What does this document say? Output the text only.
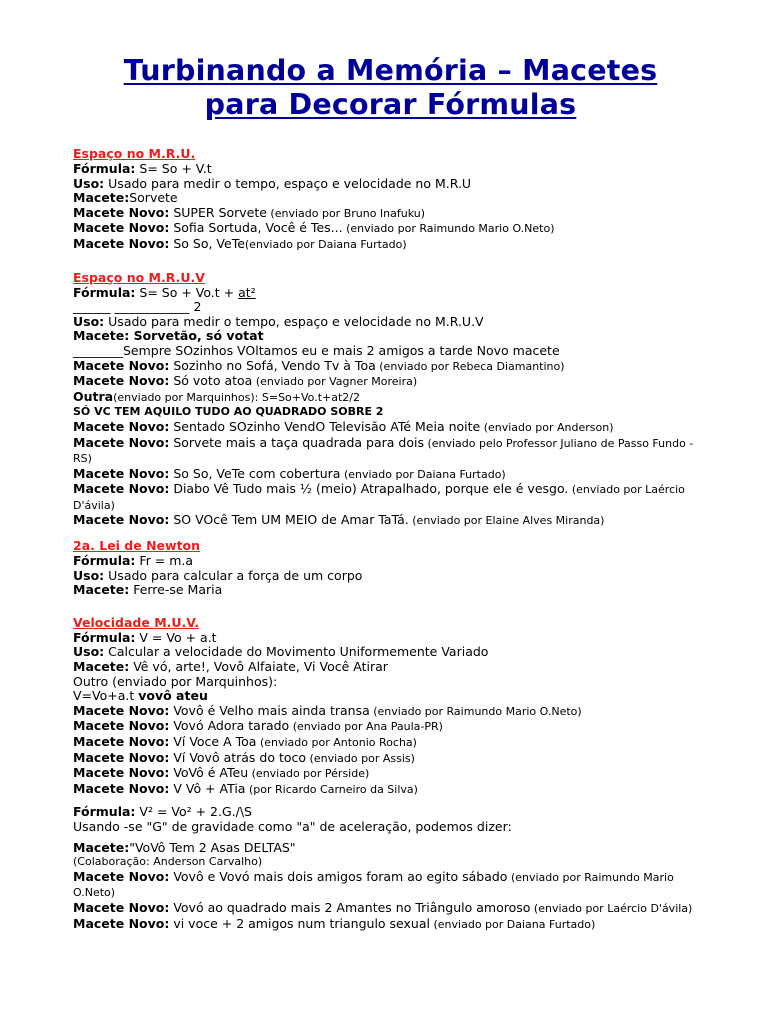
Turbinando a Memória – Macetes
para Decorar Fórmulas
Espaço no M.R.U.
Fórmula: S= So + V.t
Uso: Usado para medir o tempo, espaço e velocidade no M.R.U
Macete:Sorvete
Macete Novo: SUPER Sorvete (enviado por Bruno Inafuku)
Macete Novo: Sofia Sortuda, Você é Tes... (enviado por Raimundo Mario O.Neto)
Macete Novo: So So, VeTe(enviado por Daiana Furtado)
Espaço no M.R.U.V
Fórmula: S= So + Vo.t + at²
______ ____________ 2
Uso: Usado para medir o tempo, espaço e velocidade no M.R.U.V
Macete: Sorvetão, só votat
________Sempre SOzinhos VOltamos eu e mais 2 amigos a tarde Novo macete
Macete Novo: Sozinho no Sofá, Vendo Tv à Toa (enviado por Rebeca Diamantino)
Macete Novo: Só voto atoa (enviado por Vagner Moreira)
Outra(enviado por Marquinhos): S=So+Vo.t+at2/2
SÓ VC TEM AQUILO TUDO AO QUADRADO SOBRE 2
Macete Novo: Sentado SOzinho VendO Televisão ATé Meia noite (enviado por Anderson)
Macete Novo: Sorvete mais a taça quadrada para dois (enviado pelo Professor Juliano de Passo Fundo - RS)
Macete Novo: So So, VeTe com cobertura (enviado por Daiana Furtado)
Macete Novo: Diabo Vê Tudo mais ½ (meio) Atrapalhado, porque ele é vesgo. (enviado por Laércio D'ávila)
Macete Novo: SO VOcê Tem UM MEIO de Amar TaTá. (enviado por Elaine Alves Miranda)
2a. Lei de Newton
Fórmula: Fr = m.a
Uso: Usado para calcular a força de um corpo
Macete: Ferre-se Maria
Velocidade M.U.V.
Fórmula: V = Vo + a.t
Uso: Calcular a velocidade do Movimento Uniformemente Variado
Macete: Vê vó, arte!, Vovô Alfaiate, Vi Você Atirar
Outro (enviado por Marquinhos):
V=Vo+a.t vovô ateu
Macete Novo: Vovô é Velho mais ainda transa (enviado por Raimundo Mario O.Neto)
Macete Novo: Vovó Adora tarado (enviado por Ana Paula-PR)
Macete Novo: Ví Voce A Toa (enviado por Antonio Rocha)
Macete Novo: Ví Vovô atrás do toco (enviado por Assis)
Macete Novo: VoVô é ATeu (enviado por Pérside)
Macete Novo: V Vô + ATia (por Ricardo Carneiro da Silva)
Fórmula: V² = Vo² + 2.G./\S
Usando -se "G" de gravidade como "a" de aceleração, podemos dizer:
Macete:"VoVô Tem 2 Asas DELTAS"
(Colaboração: Anderson Carvalho)
Macete Novo: Vovô e Vovó mais dois amigos foram ao egito sábado (enviado por Raimundo Mario O.Neto)
Macete Novo: Vovó ao quadrado mais 2 Amantes no Triângulo amoroso (enviado por Laércio D'ávila)
Macete Novo: vi voce + 2 amigos num triangulo sexual (enviado por Daiana Furtado)
